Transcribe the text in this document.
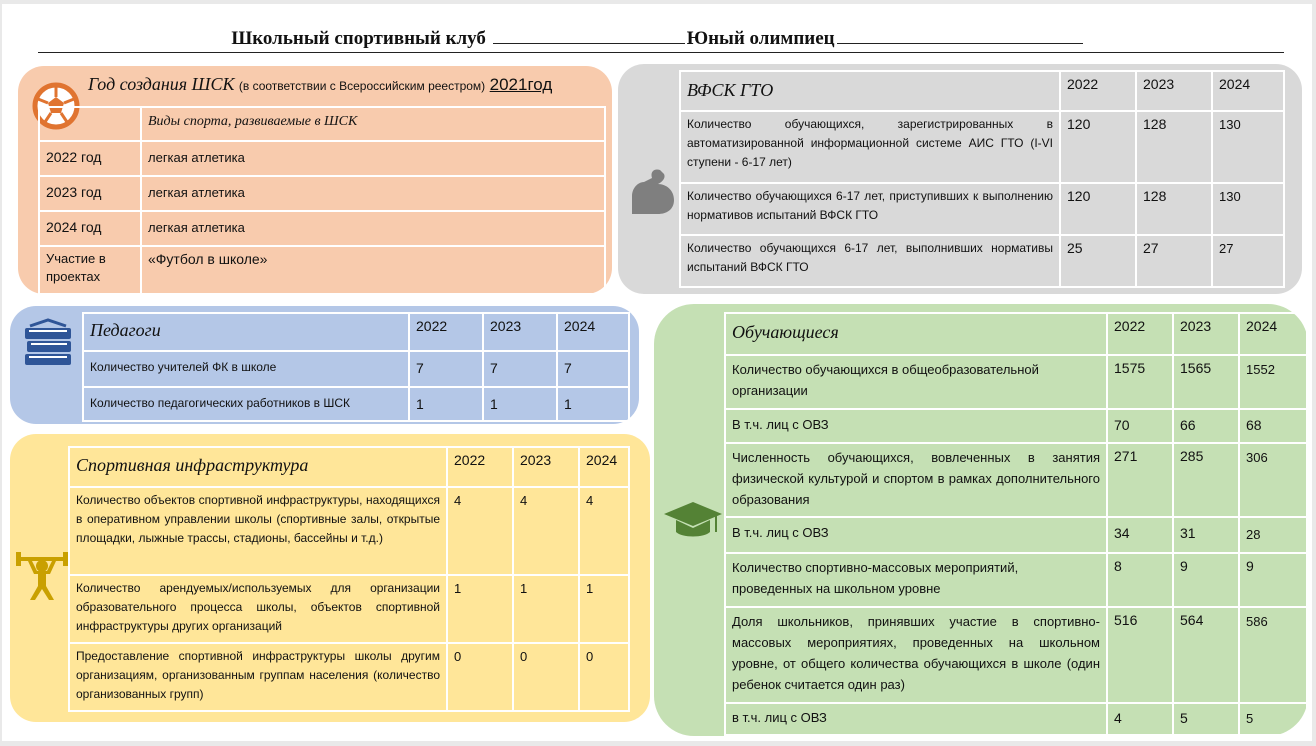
Школьный спортивный клуб	Юный олимпиец
Год создания ШСК (в соответствии с Всероссийским реестром) 2021год
	Виды спорта, развиваемые в ШСК
2022 год	легкая атлетика
2023 год	легкая атлетика
2024 год	легкая атлетика
Участие в проектах	«Футбол в школе»
ВФСК ГТО	2022	2023	2024
Количество обучающихся, зарегистрированных в автоматизированной информационной системе АИС ГТО (I-VI ступени - 6-17 лет)	120	128	130
Количество обучающихся 6-17 лет, приступивших к выполнению нормативов испытаний ВФСК ГТО	120	128	130
Количество обучающихся 6-17 лет, выполнивших нормативы испытаний ВФСК ГТО	25	27	27
Педагоги	2022	2023	2024
Количество учителей ФК в школе	7	7	7
Количество педагогических работников в ШСК	1	1	1
Спортивная инфраструктура	2022	2023	2024
Количество объектов спортивной инфраструктуры, находящихся в оперативном управлении школы (спортивные залы, открытые площадки, лыжные трассы, стадионы, бассейны и т.д.)	4	4	4
Количество арендуемых/используемых для организации образовательного процесса школы, объектов спортивной инфраструктуры других организаций	1	1	1
Предоставление спортивной инфраструктуры школы другим организациям, организованным группам населения (количество организованных групп)	0	0	0
Обучающиеся	2022	2023	2024
Количество обучающихся в общеобразовательной организации	1575	1565	1552
В т.ч. лиц с ОВЗ	70	66	68
Численность обучающихся, вовлеченных в занятия физической культурой и спортом в рамках дополнительного образования	271	285	306
В т.ч. лиц с ОВЗ	34	31	28
Количество спортивно-массовых мероприятий, проведенных на школьном уровне	8	9	9
Доля школьников, принявших участие в спортивно-массовых мероприятиях, проведенных на школьном уровне, от общего количества обучающихся в школе (один ребенок считается один раз)	516	564	586
в т.ч. лиц с ОВЗ	4	5	5
